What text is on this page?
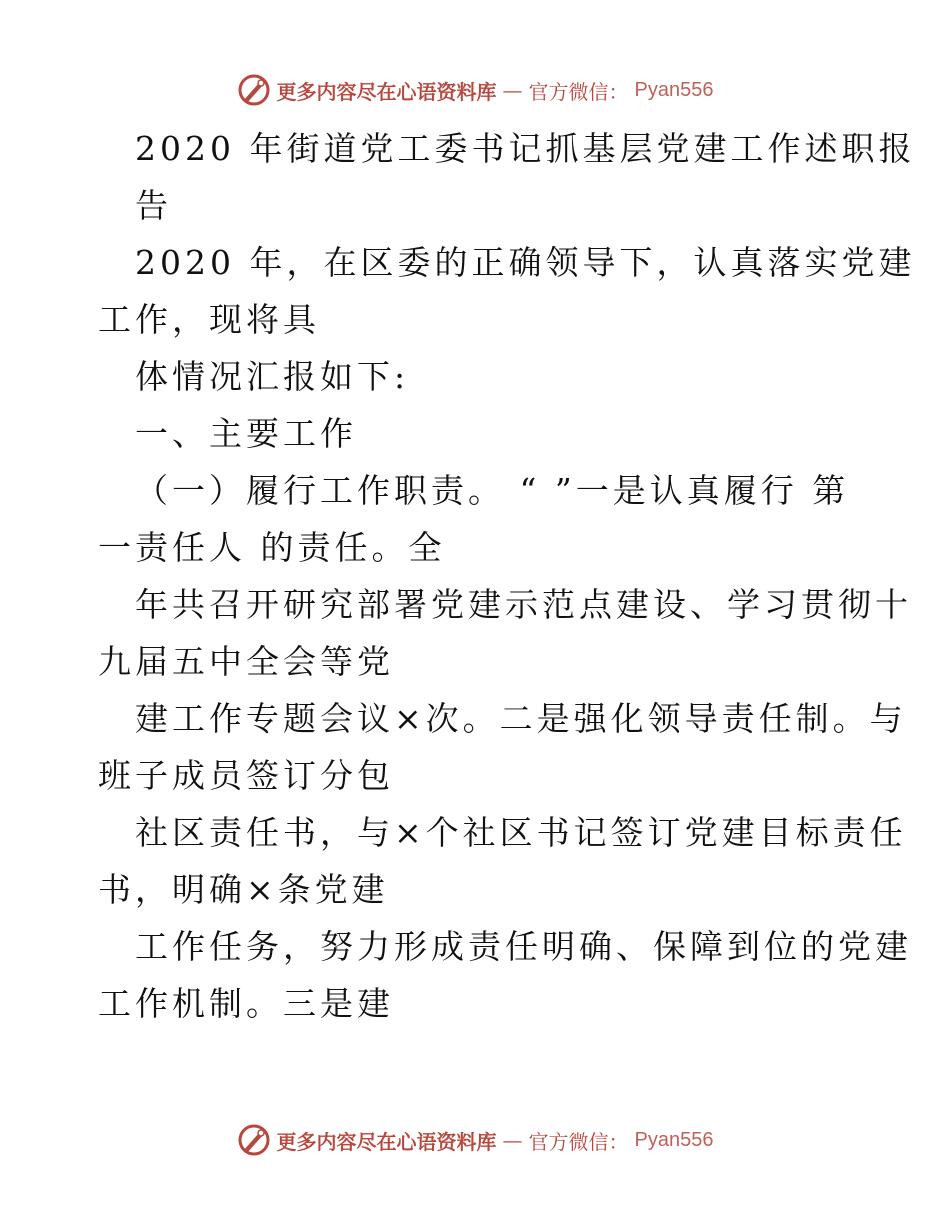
更多内容尽在心语资料库 — 官方微信： Pyan556
2020 年街道党工委书记抓基层党建工作述职报
告
2020 年，在区委的正确领导下，认真落实党建
工作，现将具
体情况汇报如下:
一、主要工作
（一）履行工作职责。 “ ”一是认真履行 第
一责任人 的责任。全
年共召开研究部署党建示范点建设、学习贯彻十
九届五中全会等党
建工作专题会议×次。二是强化领导责任制。与
班子成员签订分包
社区责任书，与×个社区书记签订党建目标责任
书，明确×条党建
工作任务，努力形成责任明确、保障到位的党建
工作机制。三是建
更多内容尽在心语资料库 — 官方微信： Pyan556
